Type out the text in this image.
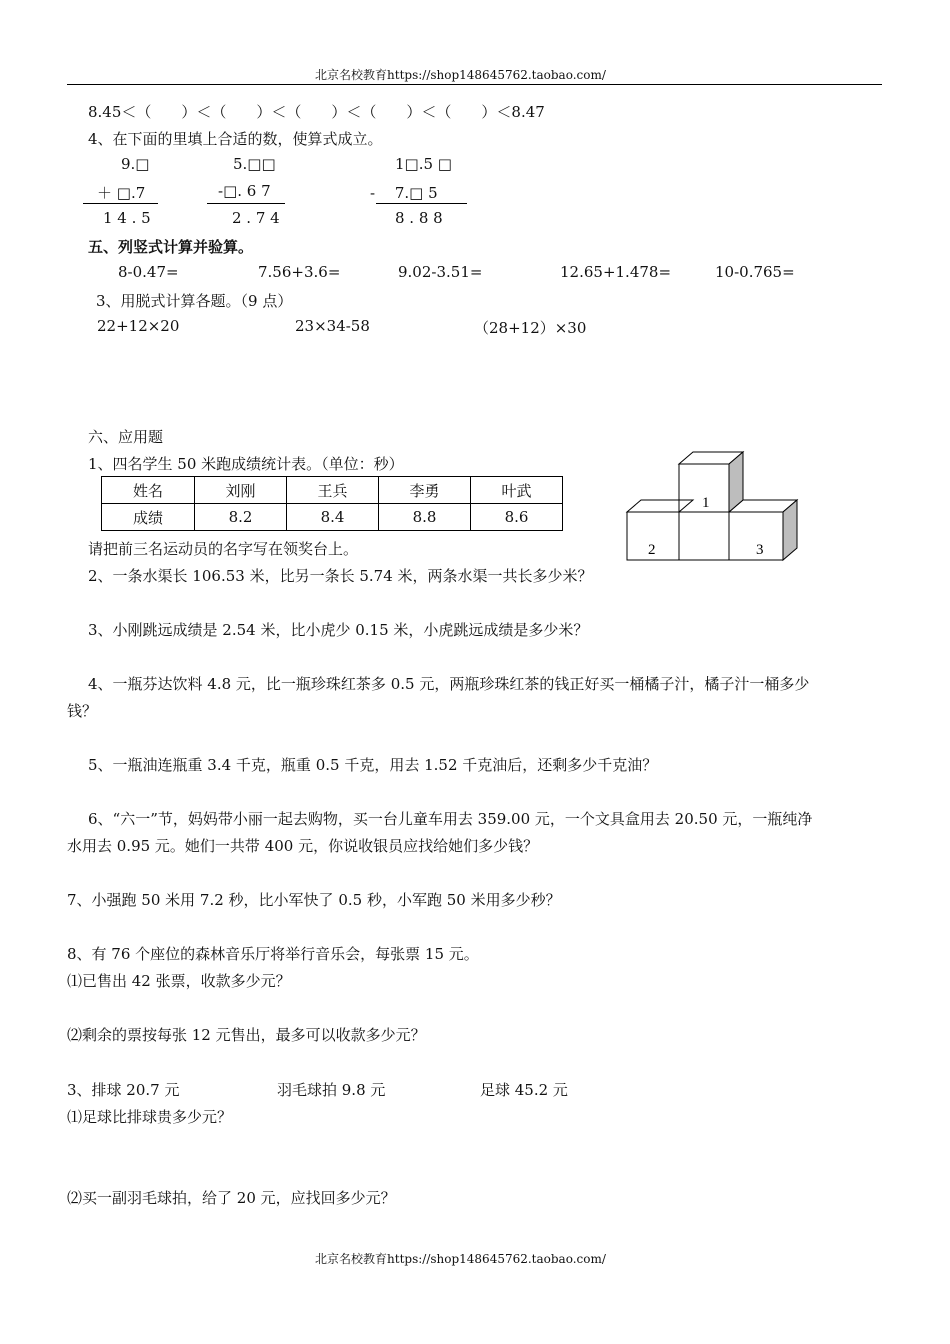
北京名校教育https://shop148645762.taobao.com/
8.45＜（　　）＜（　　）＜（　　）＜（　　）＜（　　）＜8.47
4、在下面的里填上合适的数，使算式成立。
9.□
＋ □.7
1 4 . 5
5.□□
-□. 6 7
2 . 7 4
1□.5 □
-　 7.□ 5
8 . 8 8
五、列竖式计算并验算。
8-0.47=	7.56+3.6=	9.02-3.51=	12.65+1.478=	10-0.765=
3、用脱式计算各题。（9 点）
22+12×20	23×34-58	（28+12）×30
六、应用题
1、四名学生 50 米跑成绩统计表。（单位：秒）
姓名	刘刚	王兵	李勇	叶武
成绩	8.2	8.4	8.8	8.6
1
2	3
请把前三名运动员的名字写在领奖台上。
2、一条水渠长 106.53 米，比另一条长 5.74 米，两条水渠一共长多少米？
3、小刚跳远成绩是 2.54 米，比小虎少 0.15 米，小虎跳远成绩是多少米？
4、一瓶芬达饮料 4.8 元，比一瓶珍珠红茶多 0.5 元，两瓶珍珠红茶的钱正好买一桶橘子汁，橘子汁一桶多少
钱？
5、一瓶油连瓶重 3.4 千克，瓶重 0.5 千克，用去 1.52 千克油后，还剩多少千克油？
6、“六一”节，妈妈带小丽一起去购物，买一台儿童车用去 359.00 元，一个文具盒用去 20.50 元，一瓶纯净
水用去 0.95 元。她们一共带 400 元，你说收银员应找给她们多少钱？
7、小强跑 50 米用 7.2 秒，比小军快了 0.5 秒，小军跑 50 米用多少秒？
8、有 76 个座位的森林音乐厅将举行音乐会，每张票 15 元。
⑴已售出 42 张票，收款多少元？
⑵剩余的票按每张 12 元售出，最多可以收款多少元？
3、排球 20.7 元	羽毛球拍 9.8 元	足球 45.2 元
⑴足球比排球贵多少元？
⑵买一副羽毛球拍，给了 20 元，应找回多少元？
北京名校教育https://shop148645762.taobao.com/
